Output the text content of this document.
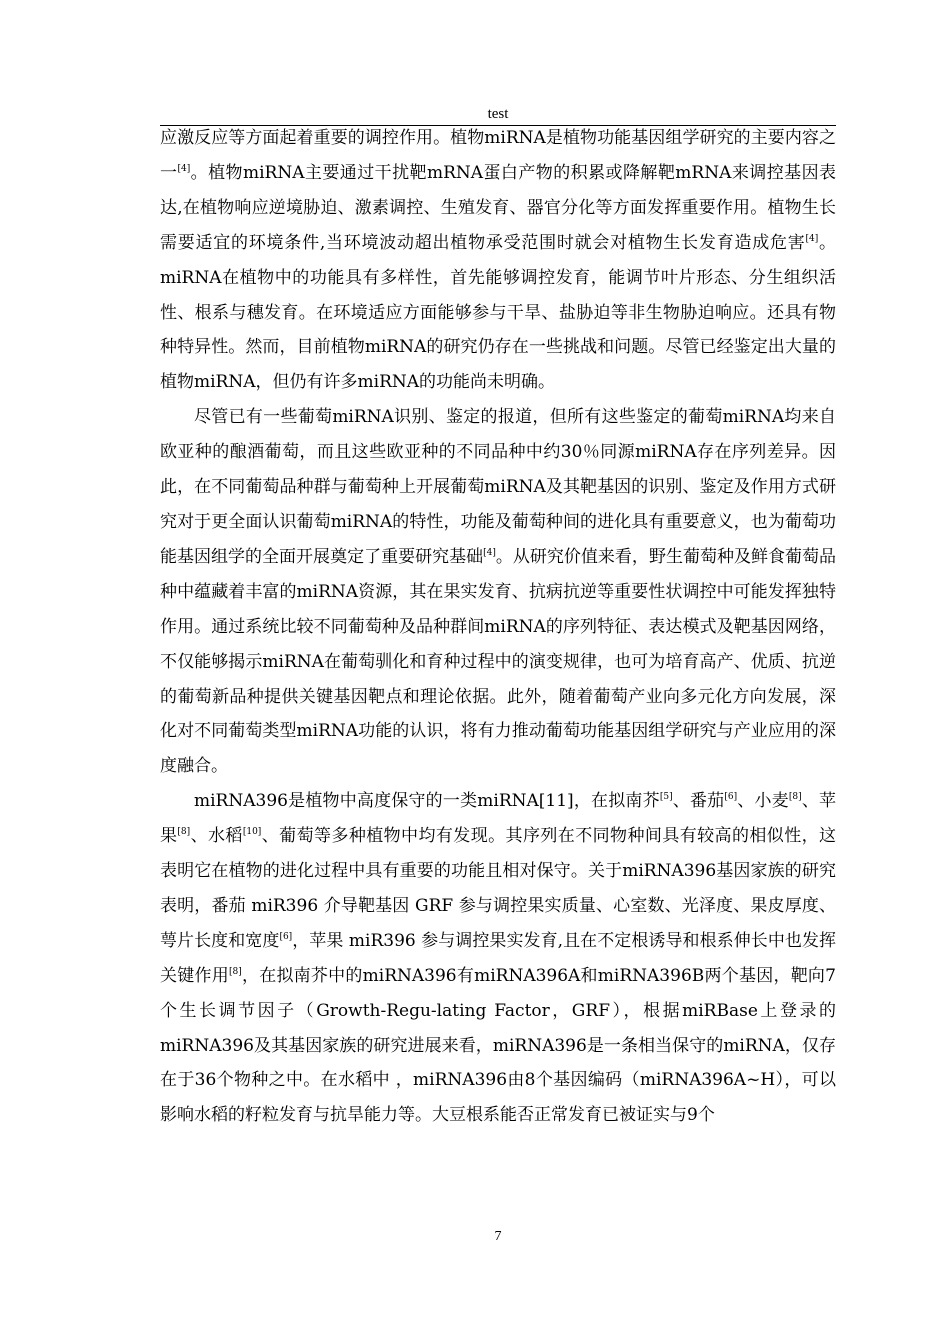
test

应激反应等方面起着重要的调控作用。植物miRNA是植物功能基因组学研究的主要内容之一[4]。植物miRNA主要通过干扰靶mRNA蛋白产物的积累或降解靶mRNA来调控基因表达,在植物响应逆境胁迫、激素调控、生殖发育、器官分化等方面发挥重要作用。植物生长需要适宜的环境条件,当环境波动超出植物承受范围时就会对植物生长发育造成危害[4]。miRNA在植物中的功能具有多样性，首先能够调控发育，能调节叶片形态、分生组织活性、根系与穗发育。在环境适应方面能够参与干旱、盐胁迫等非生物胁迫响应。还具有物种特异性。然而，目前植物miRNA的研究仍存在一些挑战和问题。尽管已经鉴定出大量的植物miRNA，但仍有许多miRNA的功能尚未明确。

尽管已有一些葡萄miRNA识别、鉴定的报道，但所有这些鉴定的葡萄miRNA均来自欧亚种的酿酒葡萄，而且这些欧亚种的不同品种中约30％同源miRNA存在序列差异。因此，在不同葡萄品种群与葡萄种上开展葡萄miRNA及其靶基因的识别、鉴定及作用方式研究对于更全面认识葡萄miRNA的特性，功能及葡萄种间的进化具有重要意义，也为葡萄功能基因组学的全面开展奠定了重要研究基础[4]。从研究价值来看，野生葡萄种及鲜食葡萄品种中蕴藏着丰富的miRNA资源，其在果实发育、抗病抗逆等重要性状调控中可能发挥独特作用。通过系统比较不同葡萄种及品种群间miRNA的序列特征、表达模式及靶基因网络，不仅能够揭示miRNA在葡萄驯化和育种过程中的演变规律，也可为培育高产、优质、抗逆的葡萄新品种提供关键基因靶点和理论依据。此外，随着葡萄产业向多元化方向发展，深化对不同葡萄类型miRNA功能的认识，将有力推动葡萄功能基因组学研究与产业应用的深度融合。

miRNA396是植物中高度保守的一类miRNA[11]，在拟南芥[5]、番茄[6]、小麦[8]、苹果[8]、水稻[10]、葡萄等多种植物中均有发现。其序列在不同物种间具有较高的相似性，这表明它在植物的进化过程中具有重要的功能且相对保守。关于miRNA396基因家族的研究表明，番茄 miR396 介导靶基因 GRF 参与调控果实质量、心室数、光泽度、果皮厚度、萼片长度和宽度[6]，苹果 miR396 参与调控果实发育,且在不定根诱导和根系伸长中也发挥关键作用[8]，在拟南芥中的miRNA396有miRNA396A和miRNA396B两个基因，靶向7个生长调节因子（Growth-Regu-lating Factor，GRF），根据miRBase上登录的miRNA396及其基因家族的研究进展来看，miRNA396是一条相当保守的miRNA，仅存在于36个物种之中。在水稻中 ，miRNA396由8个基因编码（miRNA396A~H），可以影响水稻的籽粒发育与抗旱能力等。大豆根系能否正常发育已被证实与9个

7
